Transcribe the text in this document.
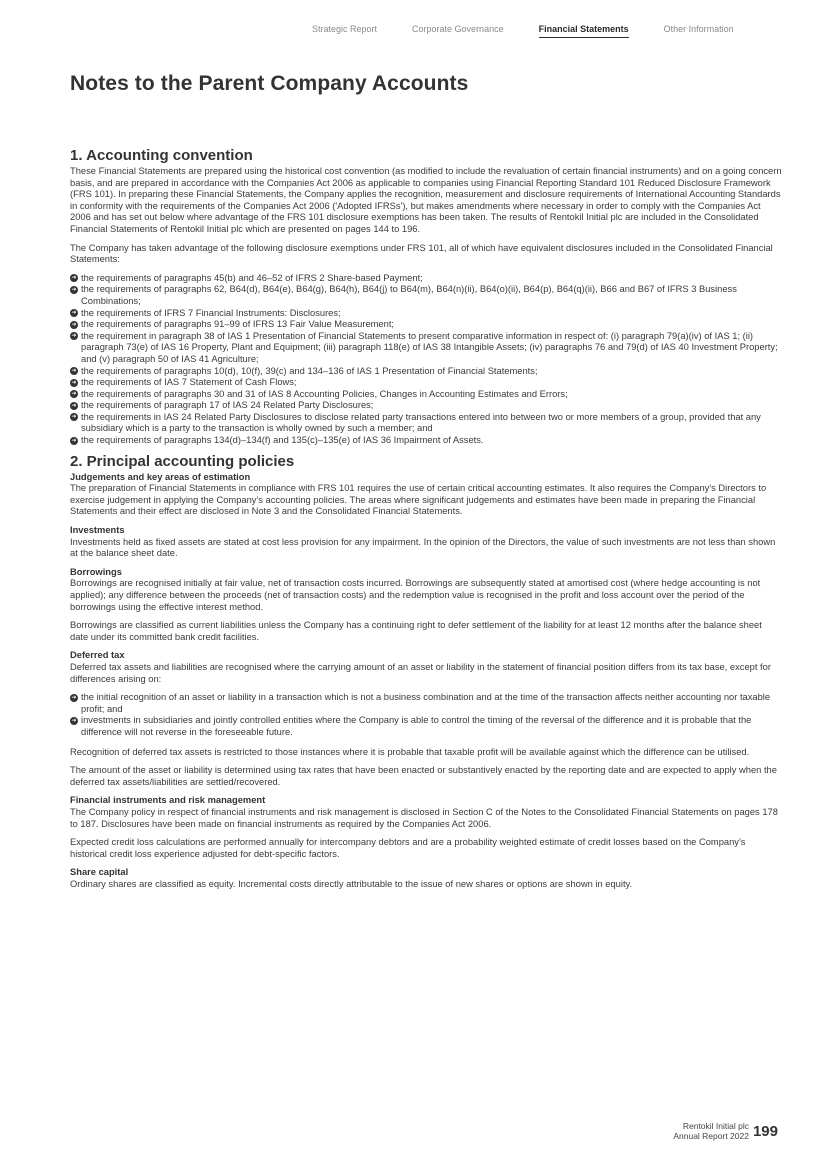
Strategic Report	Corporate Governance	Financial Statements	Other Information
Notes to the Parent Company Accounts
1. Accounting convention

These Financial Statements are prepared using the historical cost convention (as modified to include the revaluation of certain financial instruments) and on a going concern basis, and are prepared in accordance with the Companies Act 2006 as applicable to companies using Financial Reporting Standard 101 Reduced Disclosure Framework (FRS 101). In preparing these Financial Statements, the Company applies the recognition, measurement and disclosure requirements of International Accounting Standards in conformity with the requirements of the Companies Act 2006 ('Adopted IFRSs'), but makes amendments where necessary in order to comply with the Companies Act 2006 and has set out below where advantage of the FRS 101 disclosure exemptions has been taken. The results of Rentokil Initial plc are included in the Consolidated Financial Statements of Rentokil Initial plc which are presented on pages 144 to 196.

The Company has taken advantage of the following disclosure exemptions under FRS 101, all of which have equivalent disclosures included in the Consolidated Financial Statements:

➜ the requirements of paragraphs 45(b) and 46–52 of IFRS 2 Share-based Payment;
➜ the requirements of paragraphs 62, B64(d), B64(e), B64(g), B64(h), B64(j) to B64(m), B64(n)(ii), B64(o)(ii), B64(p), B64(q)(ii), B66 and B67 of IFRS 3 Business Combinations;
➜ the requirements of IFRS 7 Financial Instruments: Disclosures;
➜ the requirements of paragraphs 91–99 of IFRS 13 Fair Value Measurement;
➜ the requirement in paragraph 38 of IAS 1 Presentation of Financial Statements to present comparative information in respect of: (i) paragraph 79(a)(iv) of IAS 1; (ii) paragraph 73(e) of IAS 16 Property, Plant and Equipment; (iii) paragraph 118(e) of IAS 38 Intangible Assets; (iv) paragraphs 76 and 79(d) of IAS 40 Investment Property; and (v) paragraph 50 of IAS 41 Agriculture;
➜ the requirements of paragraphs 10(d), 10(f), 39(c) and 134–136 of IAS 1 Presentation of Financial Statements;
➜ the requirements of IAS 7 Statement of Cash Flows;
➜ the requirements of paragraphs 30 and 31 of IAS 8 Accounting Policies, Changes in Accounting Estimates and Errors;
➜ the requirements of paragraph 17 of IAS 24 Related Party Disclosures;
➜ the requirements in IAS 24 Related Party Disclosures to disclose related party transactions entered into between two or more members of a group, provided that any subsidiary which is a party to the transaction is wholly owned by such a member; and
➜ the requirements of paragraphs 134(d)–134(f) and 135(c)–135(e) of IAS 36 Impairment of Assets.
2. Principal accounting policies
Judgements and key areas of estimation

The preparation of Financial Statements in compliance with FRS 101 requires the use of certain critical accounting estimates. It also requires the Company's Directors to exercise judgement in applying the Company's accounting policies. The areas where significant judgements and estimates have been made in preparing the Financial Statements and their effect are disclosed in Note 3 and the Consolidated Financial Statements.

Investments

Investments held as fixed assets are stated at cost less provision for any impairment. In the opinion of the Directors, the value of such investments are not less than shown at the balance sheet date.

Borrowings

Borrowings are recognised initially at fair value, net of transaction costs incurred. Borrowings are subsequently stated at amortised cost (where hedge accounting is not applied); any difference between the proceeds (net of transaction costs) and the redemption value is recognised in the profit and loss account over the period of the borrowings using the effective interest method.

Borrowings are classified as current liabilities unless the Company has a continuing right to defer settlement of the liability for at least 12 months after the balance sheet date under its committed bank credit facilities.

Deferred tax

Deferred tax assets and liabilities are recognised where the carrying amount of an asset or liability in the statement of financial position differs from its tax base, except for differences arising on:

➜ the initial recognition of an asset or liability in a transaction which is not a business combination and at the time of the transaction affects neither accounting nor taxable profit; and
➜ investments in subsidiaries and jointly controlled entities where the Company is able to control the timing of the reversal of the difference and it is probable that the difference will not reverse in the foreseeable future.

Recognition of deferred tax assets is restricted to those instances where it is probable that taxable profit will be available against which the difference can be utilised.

The amount of the asset or liability is determined using tax rates that have been enacted or substantively enacted by the reporting date and are expected to apply when the deferred tax assets/liabilities are settled/recovered.

Financial instruments and risk management

The Company policy in respect of financial instruments and risk management is disclosed in Section C of the Notes to the Consolidated Financial Statements on pages 178 to 187. Disclosures have been made on financial instruments as required by the Companies Act 2006.

Expected credit loss calculations are performed annually for intercompany debtors and are a probability weighted estimate of credit losses based on the Company's historical credit loss experience adjusted for debt-specific factors.

Share capital

Ordinary shares are classified as equity. Incremental costs directly attributable to the issue of new shares or options are shown in equity.

Rentokil Initial plc
Annual Report 2022 199
